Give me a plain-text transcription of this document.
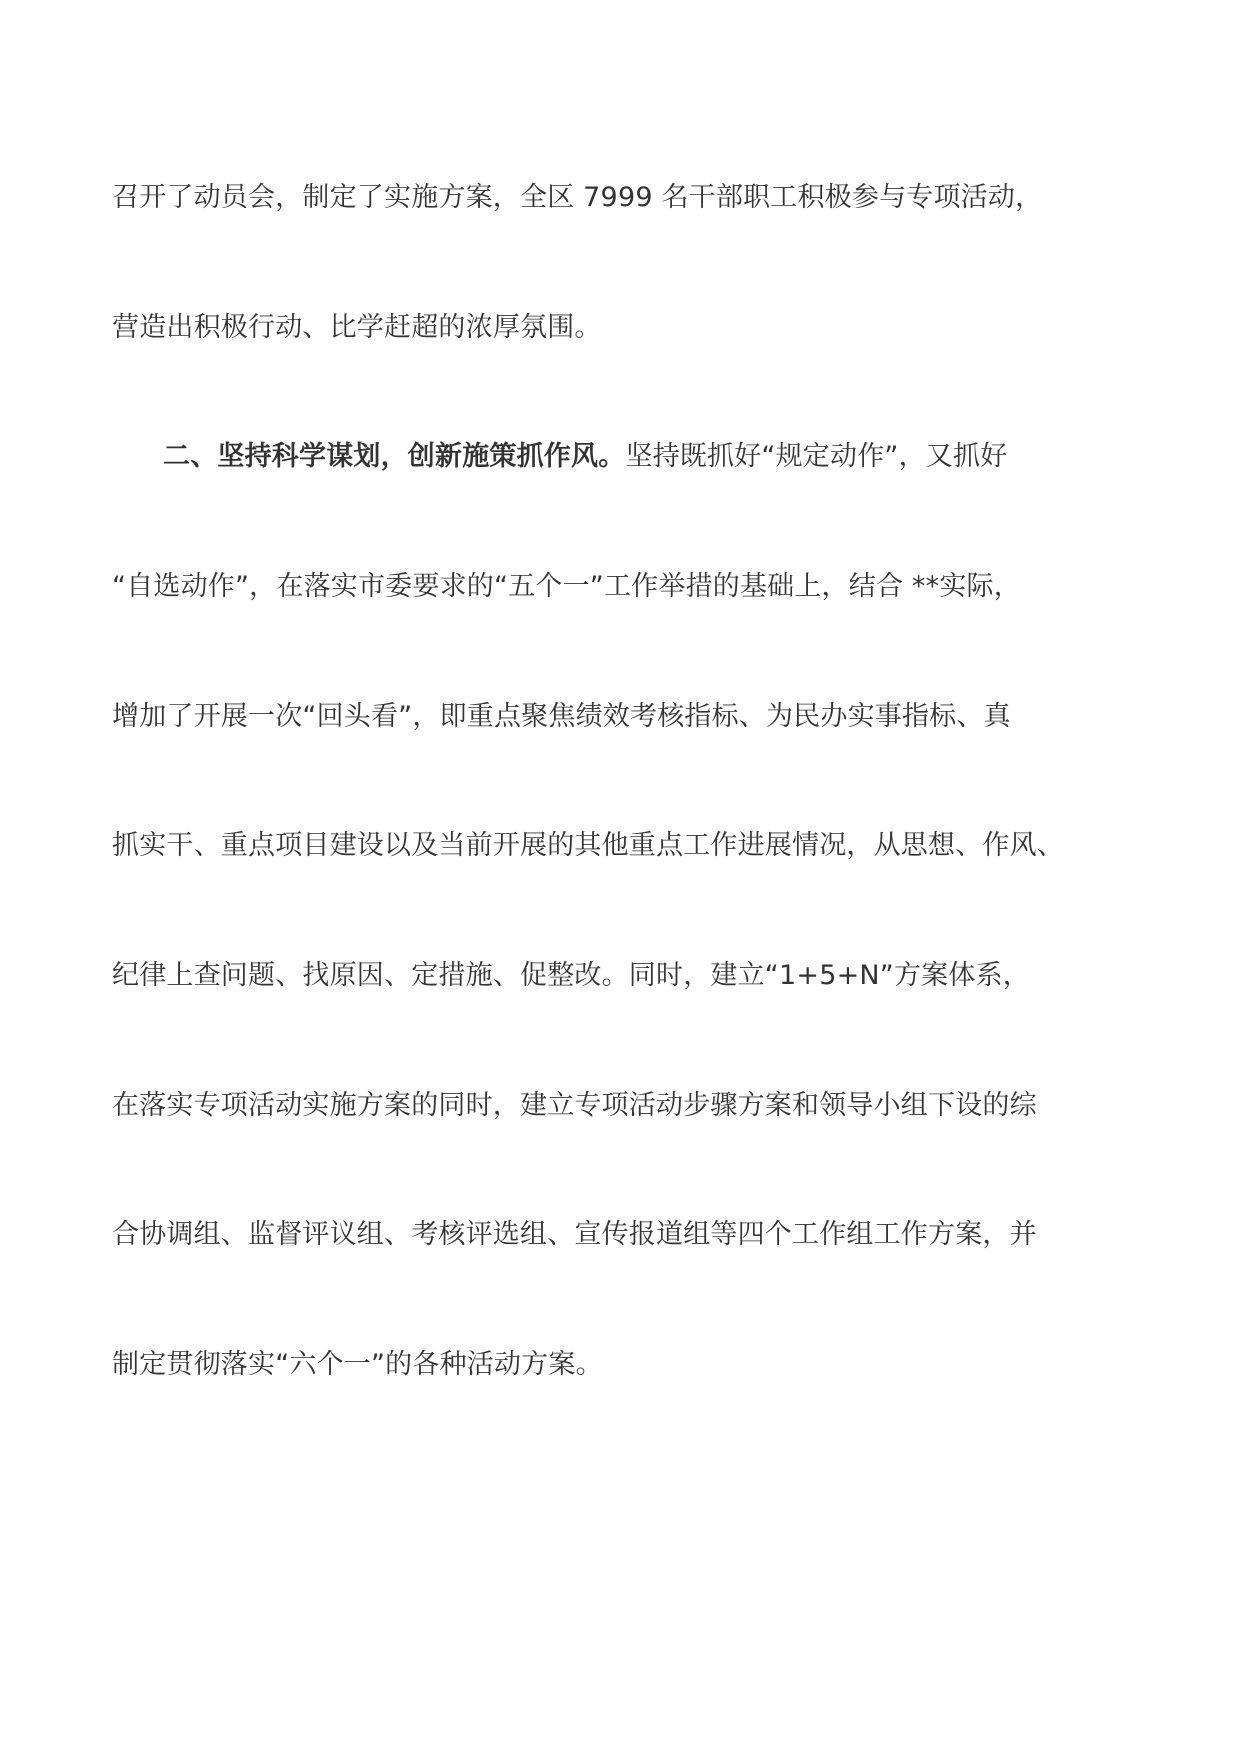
召开了动员会，制定了实施方案，全区 7999 名干部职工积极参与专项活动，
营造出积极行动、比学赶超的浓厚氛围。
二、坚持科学谋划，创新施策抓作风。坚持既抓好“规定动作”，又抓好
“自选动作”，在落实市委要求的“五个一”工作举措的基础上，结合 **实际，
增加了开展一次“回头看”，即重点聚焦绩效考核指标、为民办实事指标、真
抓实干、重点项目建设以及当前开展的其他重点工作进展情况，从思想、作风、
纪律上查问题、找原因、定措施、促整改。同时，建立“1+5+N”方案体系，
在落实专项活动实施方案的同时，建立专项活动步骤方案和领导小组下设的综
合协调组、监督评议组、考核评选组、宣传报道组等四个工作组工作方案，并
制定贯彻落实“六个一”的各种活动方案。
